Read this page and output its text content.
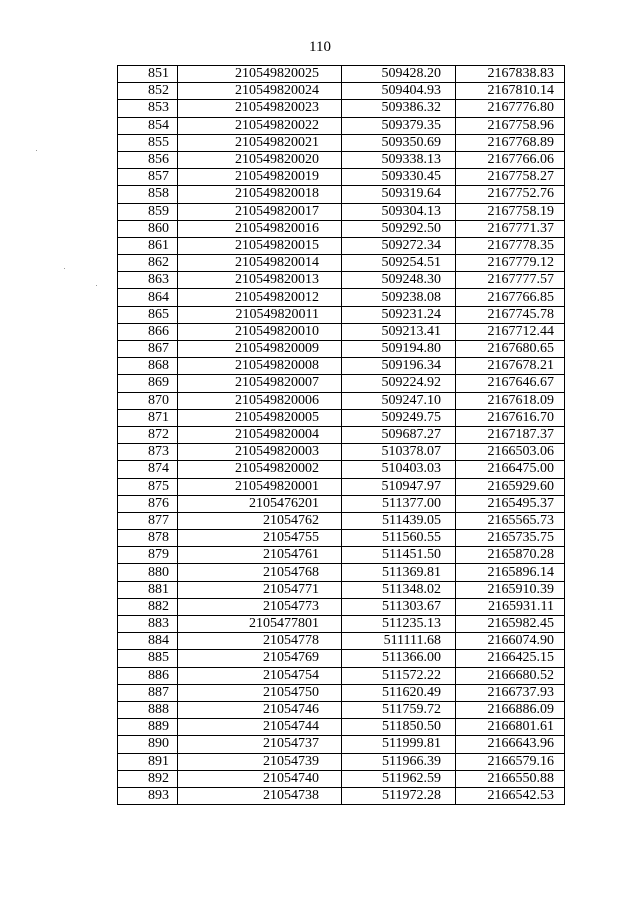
110
851	210549820025	509428.20	2167838.83
852	210549820024	509404.93	2167810.14
853	210549820023	509386.32	2167776.80
854	210549820022	509379.35	2167758.96
855	210549820021	509350.69	2167768.89
856	210549820020	509338.13	2167766.06
857	210549820019	509330.45	2167758.27
858	210549820018	509319.64	2167752.76
859	210549820017	509304.13	2167758.19
860	210549820016	509292.50	2167771.37
861	210549820015	509272.34	2167778.35
862	210549820014	509254.51	2167779.12
863	210549820013	509248.30	2167777.57
864	210549820012	509238.08	2167766.85
865	210549820011	509231.24	2167745.78
866	210549820010	509213.41	2167712.44
867	210549820009	509194.80	2167680.65
868	210549820008	509196.34	2167678.21
869	210549820007	509224.92	2167646.67
870	210549820006	509247.10	2167618.09
871	210549820005	509249.75	2167616.70
872	210549820004	509687.27	2167187.37
873	210549820003	510378.07	2166503.06
874	210549820002	510403.03	2166475.00
875	210549820001	510947.97	2165929.60
876	2105476201	511377.00	2165495.37
877	21054762	511439.05	2165565.73
878	21054755	511560.55	2165735.75
879	21054761	511451.50	2165870.28
880	21054768	511369.81	2165896.14
881	21054771	511348.02	2165910.39
882	21054773	511303.67	2165931.11
883	2105477801	511235.13	2165982.45
884	21054778	511111.68	2166074.90
885	21054769	511366.00	2166425.15
886	21054754	511572.22	2166680.52
887	21054750	511620.49	2166737.93
888	21054746	511759.72	2166886.09
889	21054744	511850.50	2166801.61
890	21054737	511999.81	2166643.96
891	21054739	511966.39	2166579.16
892	21054740	511962.59	2166550.88
893	21054738	511972.28	2166542.53
